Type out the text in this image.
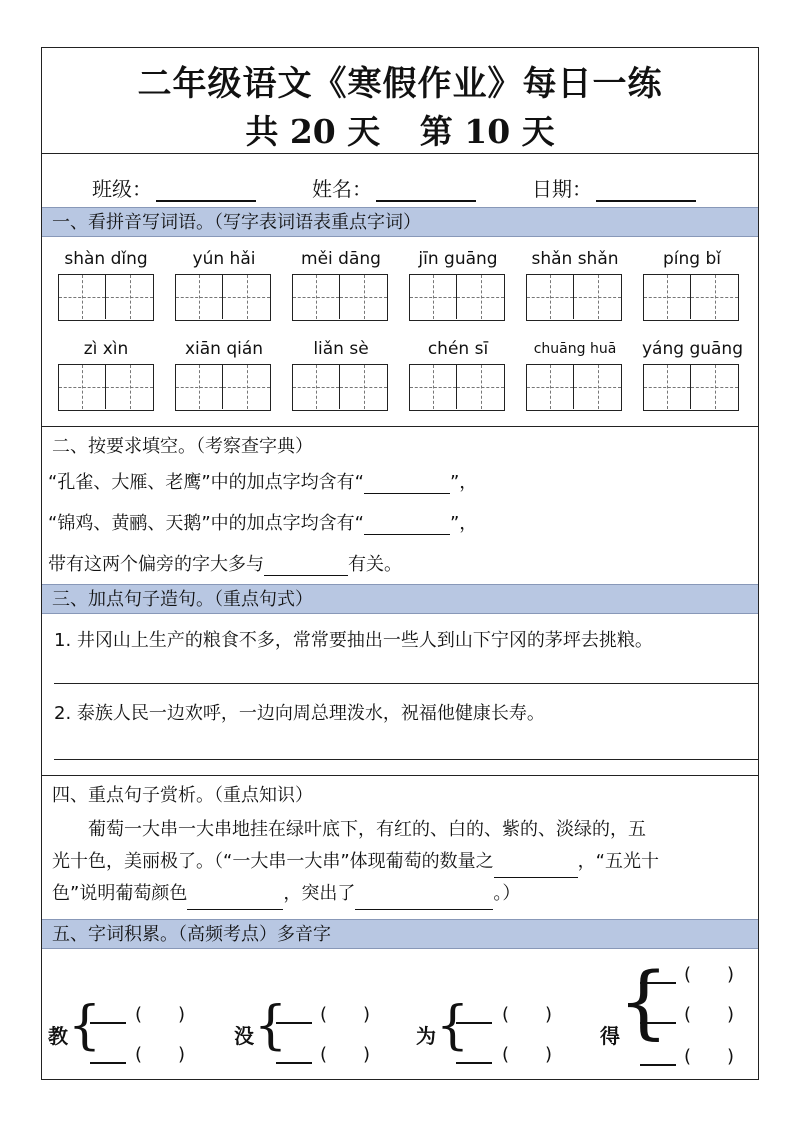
二年级语文《寒假作业》每日一练
共 20 天 第 10 天
班级：	姓名：	日期：
一、看拼音写词语。（写字表词语表重点字词）
shàn dǐng	yún hǎi	měi dāng	jīn guāng	shǎn shǎn	píng bǐ
zì xìn	xiān qián	liǎn sè	chén sī	chuāng huā	yáng guāng
二、按要求填空。（考察查字典）
“孔雀、大雁、老鹰”中的加点字均含有“	”，
“锦鸡、黄鹂、天鹅”中的加点字均含有“	”，
带有这两个偏旁的字大多与	有关。
三、加点句子造句。（重点句式）
1. 井冈山上生产的粮食不多，常常要抽出一些人到山下宁冈的茅坪去挑粮。
2. 泰族人民一边欢呼，一边向周总理泼水，祝福他健康长寿。
四、重点句子赏析。（重点知识）
　　葡萄一大串一大串地挂在绿叶底下，有红的、白的、紫的、淡绿的，五
光十色，美丽极了。（“一大串一大串”体现葡萄的数量之	，“五光十
色”说明葡萄颜色	，突出了	。）
五、字词积累。（高频考点）多音字
教 { (　　)
(　　)
没 { (　　)
(　　)
为 { (　　)
(　　)
得
{ (　　)
(　　)
(　　)
